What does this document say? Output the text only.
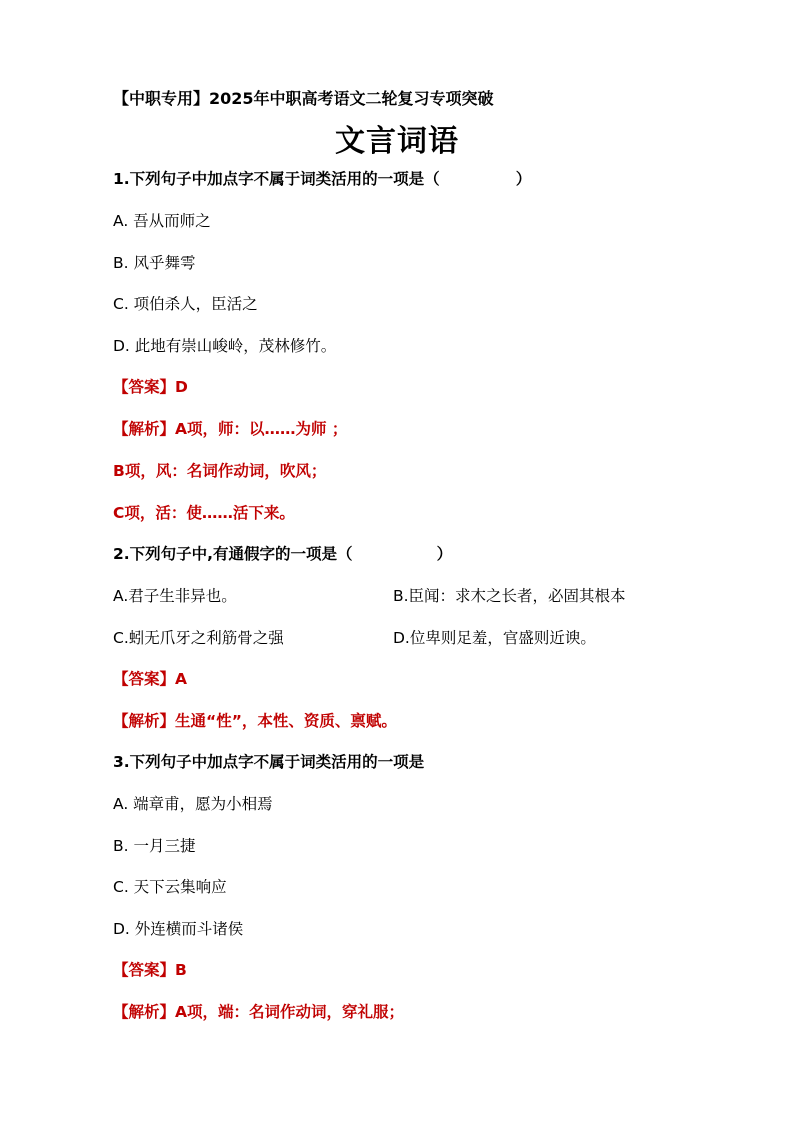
【中职专用】2025年中职高考语文二轮复习专项突破
文言词语
1.下列句子中加点字不属于词类活用的一项是（	）
A. 吾从而师之
B. 风乎舞雩
C. 项伯杀人，臣活之
D. 此地有崇山峻岭，茂林修竹。
【答案】D
【解析】A项，师：以……为师 ；
B项，风：名词作动词，吹风；
C项，活：使……活下来。
2.下列句子中,有通假字的一项是（	）
A.君子生非异也。	B.臣闻：求木之长者，必固其根本
C.蚓无爪牙之利筋骨之强	D.位卑则足羞，官盛则近谀。
【答案】A
【解析】生通“性”，本性、资质、禀赋。
3.下列句子中加点字不属于词类活用的一项是
A. 端章甫，愿为小相焉
B. 一月三捷
C. 天下云集响应
D. 外连横而斗诸侯
【答案】B
【解析】A项，端：名词作动词，穿礼服；
